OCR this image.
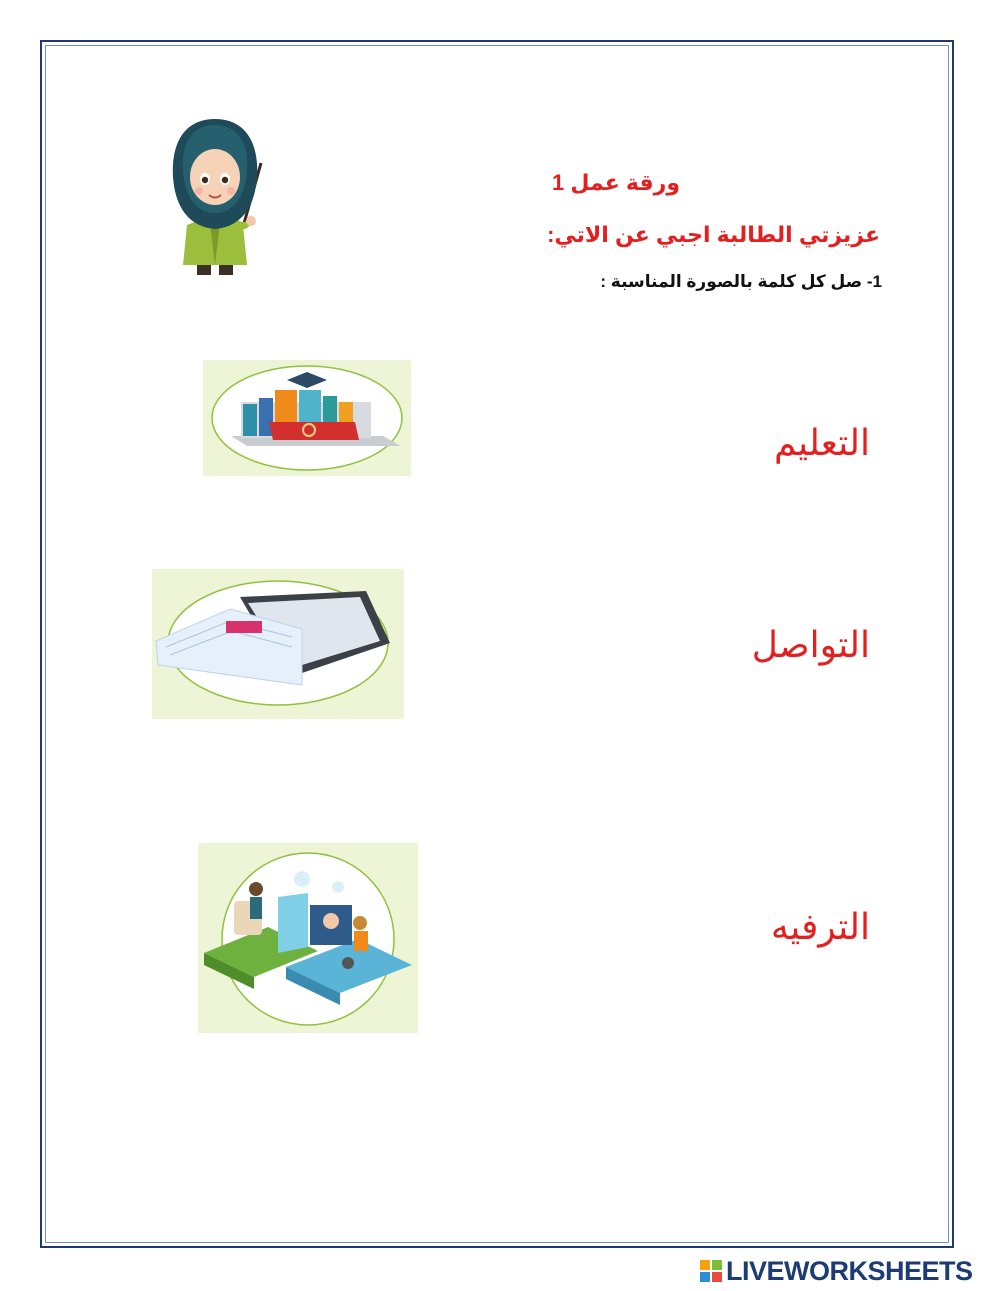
ورقة عمل 1
عزيزتي الطالبة اجبي عن الاتي:
1- صل كل كلمة بالصورة المناسبة :
التعليم
التواصل
الترفيه
LIVEWORKSHEETS
